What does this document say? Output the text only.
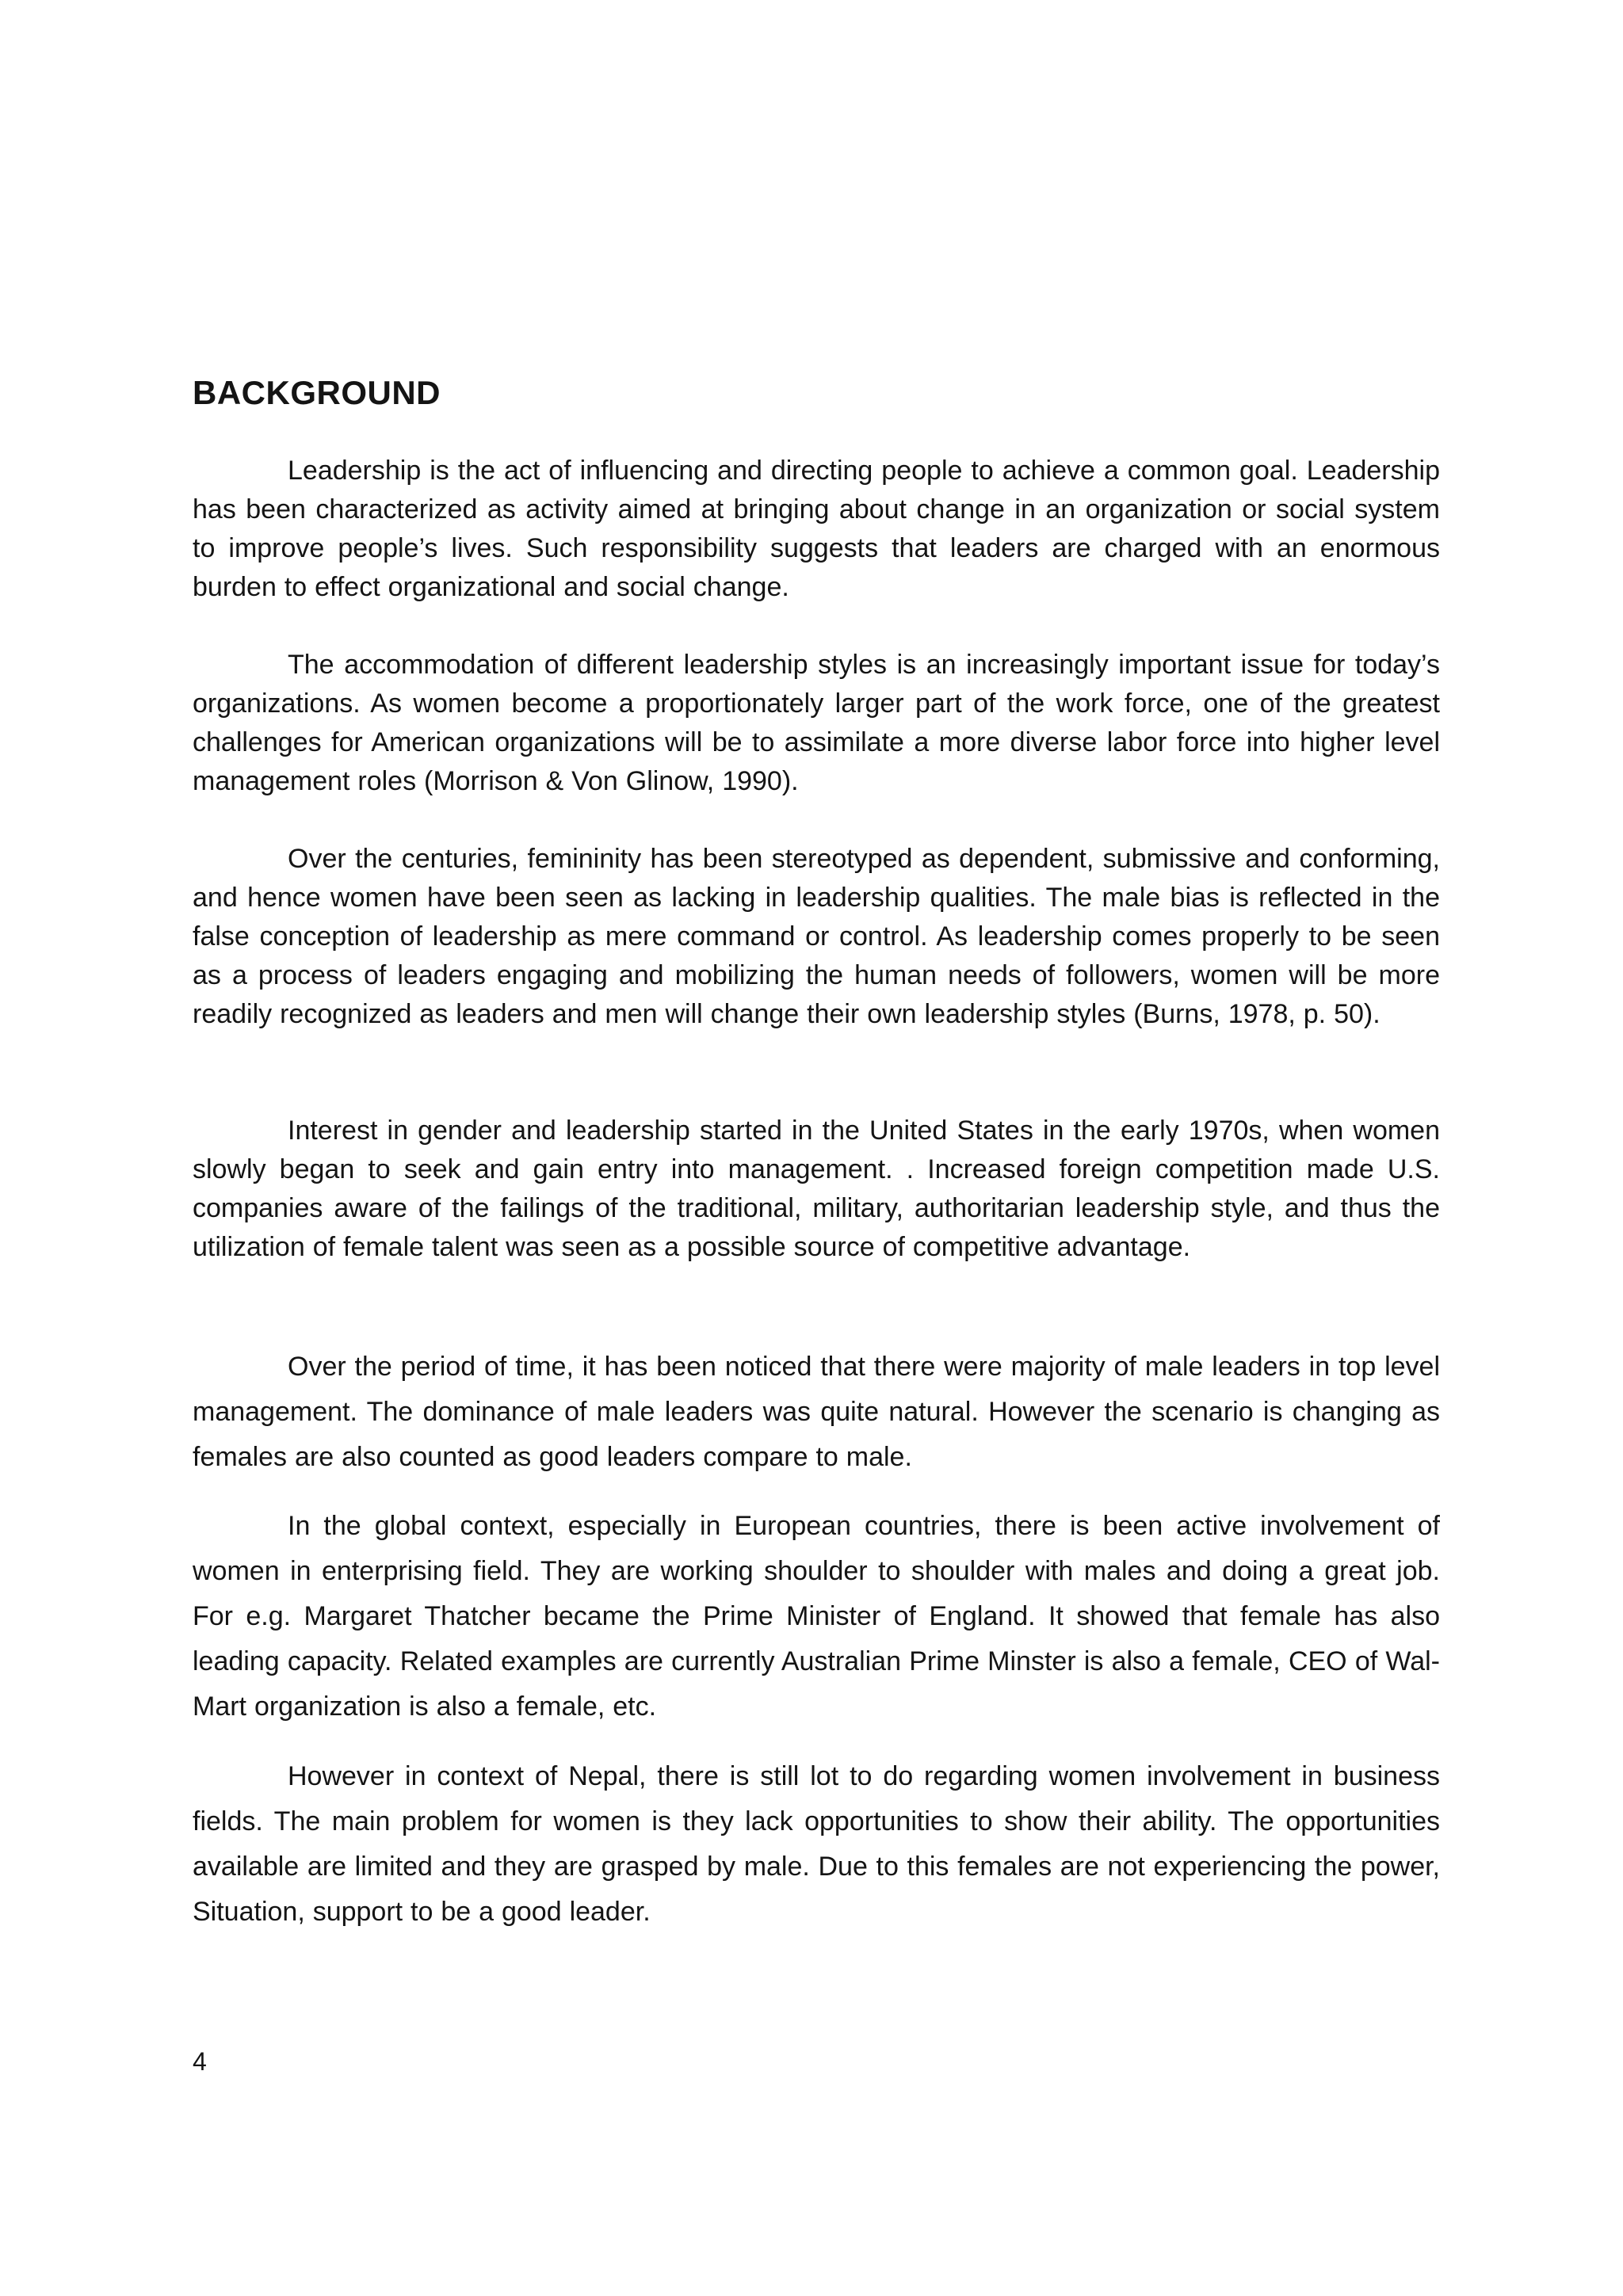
BACKGROUND

Leadership is the act of influencing and directing people to achieve a common goal. Leadership has been characterized as activity aimed at bringing about change in an organization or social system to improve people’s lives. Such responsibility suggests that leaders are charged with an enormous burden to effect organizational and social change.

The accommodation of different leadership styles is an increasingly important issue for today’s organizations. As women become a proportionately larger part of the work force, one of the greatest challenges for American organizations will be to assimilate a more diverse labor force into higher level management roles (Morrison & Von Glinow, 1990).

Over the centuries, femininity has been stereotyped as dependent, submissive and conforming, and hence women have been seen as lacking in leadership qualities. The male bias is reflected in the false conception of leadership as mere command or control. As leadership comes properly to be seen as a process of leaders engaging and mobilizing the human needs of followers, women will be more readily recognized as leaders and men will change their own leadership styles (Burns, 1978, p. 50).

Interest in gender and leadership started in the United States in the early 1970s, when women slowly began to seek and gain entry into management. . Increased foreign competition made U.S. companies aware of the failings of the traditional, military, authoritarian leadership style, and thus the utilization of female talent was seen as a possible source of competitive advantage.

Over the period of time, it has been noticed that there were majority of male leaders in top level management. The dominance of male leaders was quite natural. However the scenario is changing as females are also counted as good leaders compare to male.

In the global context, especially in European countries, there is been active involvement of women in enterprising field. They are working shoulder to shoulder with males and doing a great job. For e.g. Margaret Thatcher became the Prime Minister of England. It showed that female has also leading capacity. Related examples are currently Australian Prime Minster is also a female, CEO of Wal-Mart organization is also a female, etc.

However in context of Nepal, there is still lot to do regarding women involvement in business fields. The main problem for women is they lack opportunities to show their ability. The opportunities available are limited and they are grasped by male. Due to this females are not experiencing the power, Situation, support to be a good leader.

4
